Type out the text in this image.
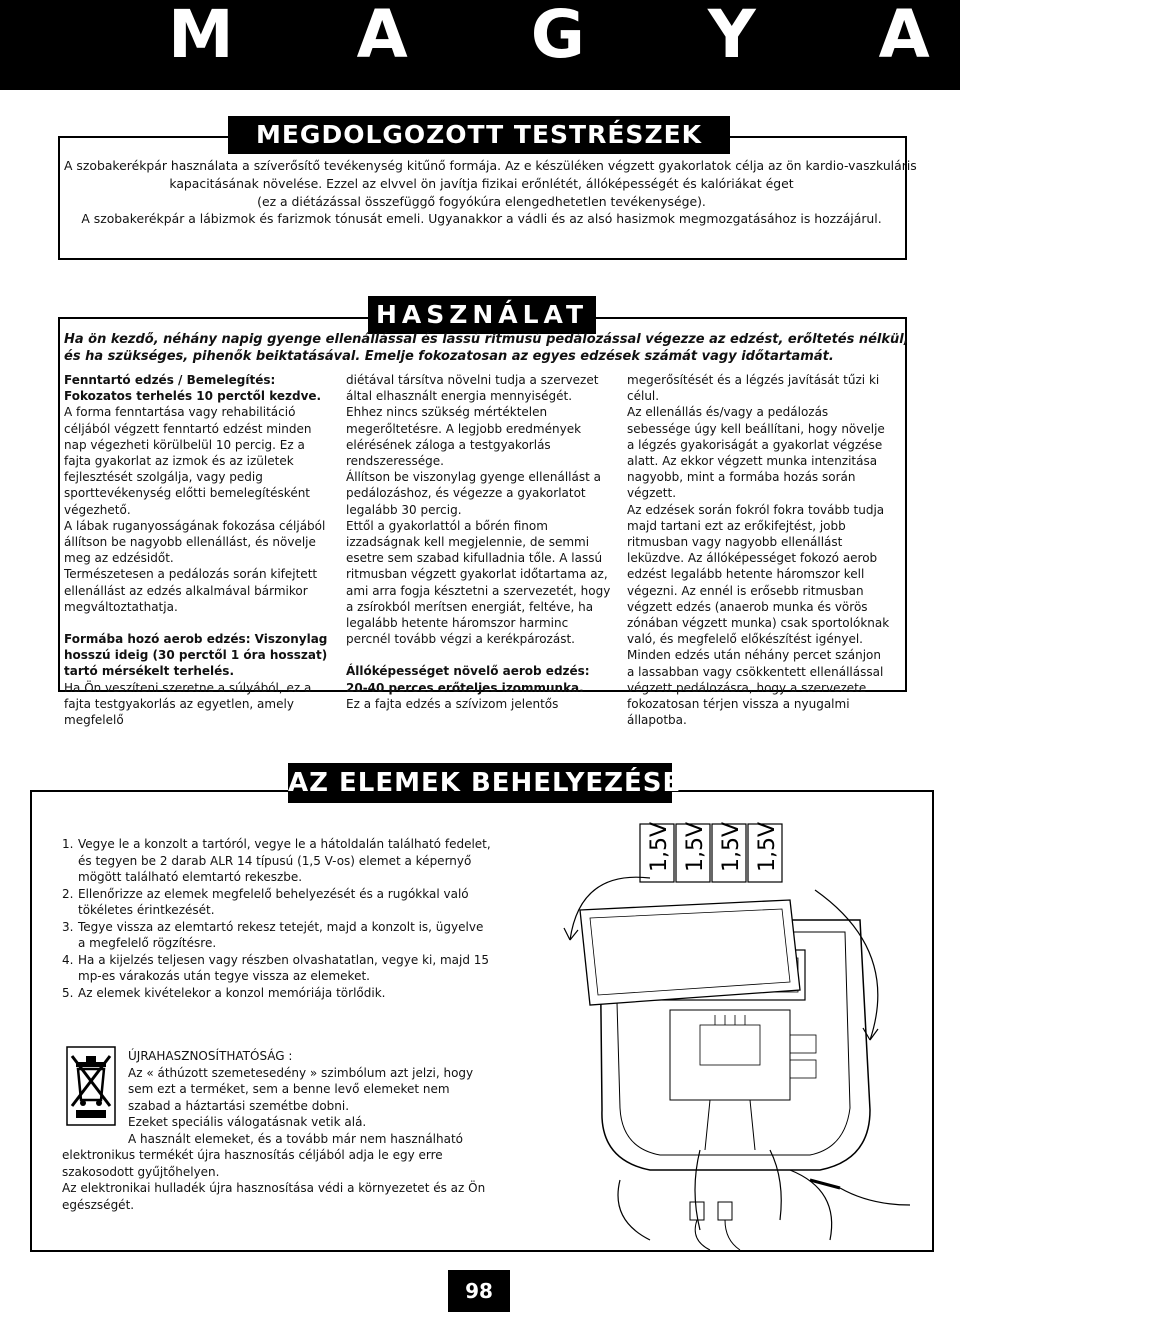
M A G Y A R
MEGDOLGOZOTT TESTRÉSZEK
A szobakerékpár használata a szíverősítő tevékenység kitűnő formája. Az e készüléken végzett gyakorlatok célja az ön kardio-vaszkuláris
kapacitásának növelése. Ezzel az elvvel ön javítja fizikai erőnlétét, állóképességét és kalóriákat éget
(ez a diétázással összefüggő fogyókúra elengedhetetlen tevékenysége).
A szobakerékpár a lábizmok és farizmok tónusát emeli. Ugyanakkor a vádli és az alsó hasizmok megmozgatásához is hozzájárul.
HASZNÁLAT
Ha ön kezdő, néhány napig gyenge ellenállással és lassú ritmusú pedálozással végezze az edzést, erőltetés nélkül,
és ha szükséges, pihenők beiktatásával. Emelje fokozatosan az egyes edzések számát vagy időtartamát.

Fenntartó edzés / Bemelegítés: Fokozatos terhelés 10 perctől kezdve.

A forma fenntartása vagy rehabilitáció céljából végzett fenntartó edzést minden nap végezheti körülbelül 10 percig. Ez a fajta gyakorlat az izmok és az izületek fejlesztését szolgálja, vagy pedig sporttevékenység előtti bemelegítésként végezhető.

A lábak ruganyosságának fokozása céljából állítson be nagyobb ellenállást, és növelje meg az edzésidőt.

Természetesen a pedálozás során kifejtett ellenállást az edzés alkalmával bármikor megváltoztathatja.

Formába hozó aerob edzés: Viszonylag hosszú ideig (30 perctől 1 óra hosszat) tartó mérsékelt terhelés.

Ha Ön veszíteni szeretne a súlyából, ez a fajta testgyakorlás az egyetlen, amely megfelelő

diétával társítva növelni tudja a szervezet által elhasznált energia mennyiségét. Ehhez nincs szükség mértéktelen megerőltetésre. A legjobb eredmények elérésének záloga a testgyakorlás rendszeressége.

Állítson be viszonylag gyenge ellenállást a pedálozáshoz, és végezze a gyakorlatot legalább 30 percig.

Ettől a gyakorlattól a bőrén finom izzadságnak kell megjelennie, de semmi esetre sem szabad kifulladnia tőle. A lassú ritmusban végzett gyakorlat időtartama az, ami arra fogja késztetni a szervezetét, hogy a zsírokból merítsen energiát, feltéve, ha legalább hetente háromszor harminc percnél tovább végzi a kerékpározást.

Állóképességet növelő aerob edzés: 20-40 perces erőteljes izommunka.

Ez a fajta edzés a szívizom jelentős

megerősítését és a légzés javítását tűzi ki célul.

Az ellenállás és/vagy a pedálozás sebessége úgy kell beállítani, hogy növelje a légzés gyakoriságát a gyakorlat végzése alatt. Az ekkor végzett munka intenzitása nagyobb, mint a formába hozás során végzett.

Az edzések során fokról fokra tovább tudja majd tartani ezt az erőkifejtést, jobb ritmusban vagy nagyobb ellenállást leküzdve. Az állóképességet fokozó aerob edzést legalább hetente háromszor kell végezni. Az ennél is erősebb ritmusban végzett edzés (anaerob munka és vörös zónában végzett munka) csak sportolóknak való, és megfelelő előkészítést igényel. Minden edzés után néhány percet szánjon a lassabban vagy csökkentett ellenállással végzett pedálozásra, hogy a szervezete fokozatosan térjen vissza a nyugalmi állapotba.

AZ ELEMEK BEHELYEZÉSE
1. Vegye le a konzolt a tartóról, vegye le a hátoldalán található fedelet, és tegyen be 2 darab ALR 14 típusú (1,5 V-os) elemet a képernyő mögött található elemtartó rekeszbe.
2. Ellenőrizze az elemek megfelelő behelyezését és a rugókkal való tökéletes érintkezését.
3. Tegye vissza az elemtartó rekesz tetejét, majd a konzolt is, ügyelve a megfelelő rögzítésre.
4. Ha a kijelzés teljesen vagy részben olvashatatlan, vegye ki, majd 15 mp-es várakozás után tegye vissza az elemeket.
5. Az elemek kivételekor a konzol memóriája törlődik.
ÚJRAHASZNOSÍTHATÓSÁG :
Az « áthúzott szemetesedény » szimbólum azt jelzi, hogy sem ezt a terméket, sem a benne levő elemeket nem szabad a háztartási szemétbe dobni.
Ezeket speciális válogatásnak vetik alá.
A használt elemeket, és a tovább már nem használható elektronikus termékét újra hasznosítás céljából adja le egy erre szakosodott gyűjtőhelyen.
Az elektronikai hulladék újra hasznosítása védi a környezetet és az Ön egészségét.
1,5V 1,5V 1,5V 1,5V
98
